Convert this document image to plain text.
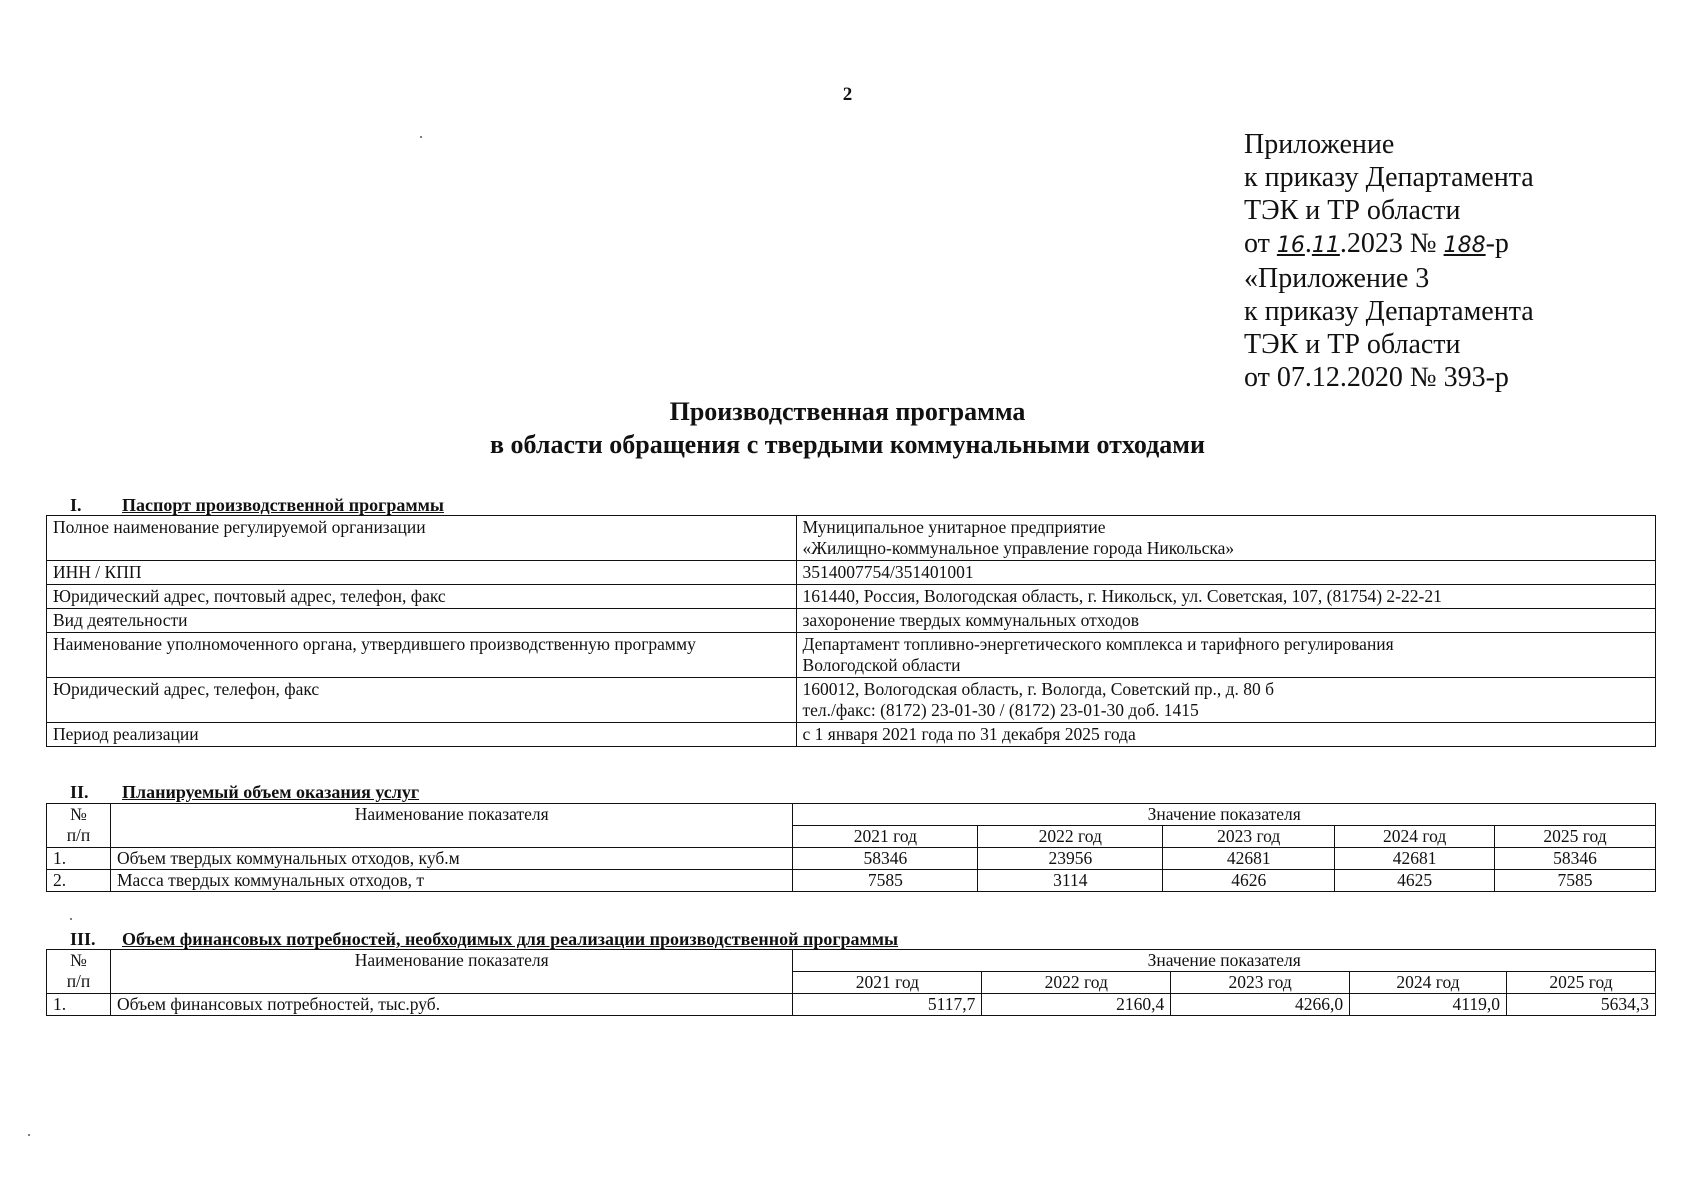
2
Приложение
к приказу Департамента
ТЭК и ТР области
от 16.11.2023 № 188-р
«Приложение 3
к приказу Департамента
ТЭК и ТР области
от 07.12.2020 № 393-р
Производственная программа
в области обращения с твердыми коммунальными отходами
I. Паспорт производственной программы
Полное наименование регулируемой организации	Муниципальное унитарное предприятие
«Жилищно-коммунальное управление города Никольска»

ИНН / КПП	3514007754/351401001

Юридический адрес, почтовый адрес, телефон, факс	161440, Россия, Вологодская область, г. Никольск, ул. Советская, 107, (81754) 2-22-21

Вид деятельности	захоронение твердых коммунальных отходов

Наименование уполномоченного органа, утвердившего производственную программу	Департамент топливно-энергетического комплекса и тарифного регулирования
Вологодской области

Юридический адрес, телефон, факс	160012, Вологодская область, г. Вологда, Советский пр., д. 80 б
тел./факс: (8172) 23-01-30 / (8172) 23-01-30 доб. 1415

Период реализации	с 1 января 2021 года по 31 декабря 2025 года
II. Планируемый объем оказания услуг
№
п/п	Наименование показателя	Значение показателя				
		2021 год	2022 год	2023 год	2024 год	2025 год
1.	Объем твердых коммунальных отходов, куб.м	58346	23956	42681	42681	58346
2.	Масса твердых коммунальных отходов, т	7585	3114	4626	4625	7585
III. Объем финансовых потребностей, необходимых для реализации производственной программы
№
п/п	Наименование показателя	Значение показателя				
		2021 год	2022 год	2023 год	2024 год	2025 год
1.	Объем финансовых потребностей, тыс.руб.	5117,7	2160,4	4266,0	4119,0	5634,3
